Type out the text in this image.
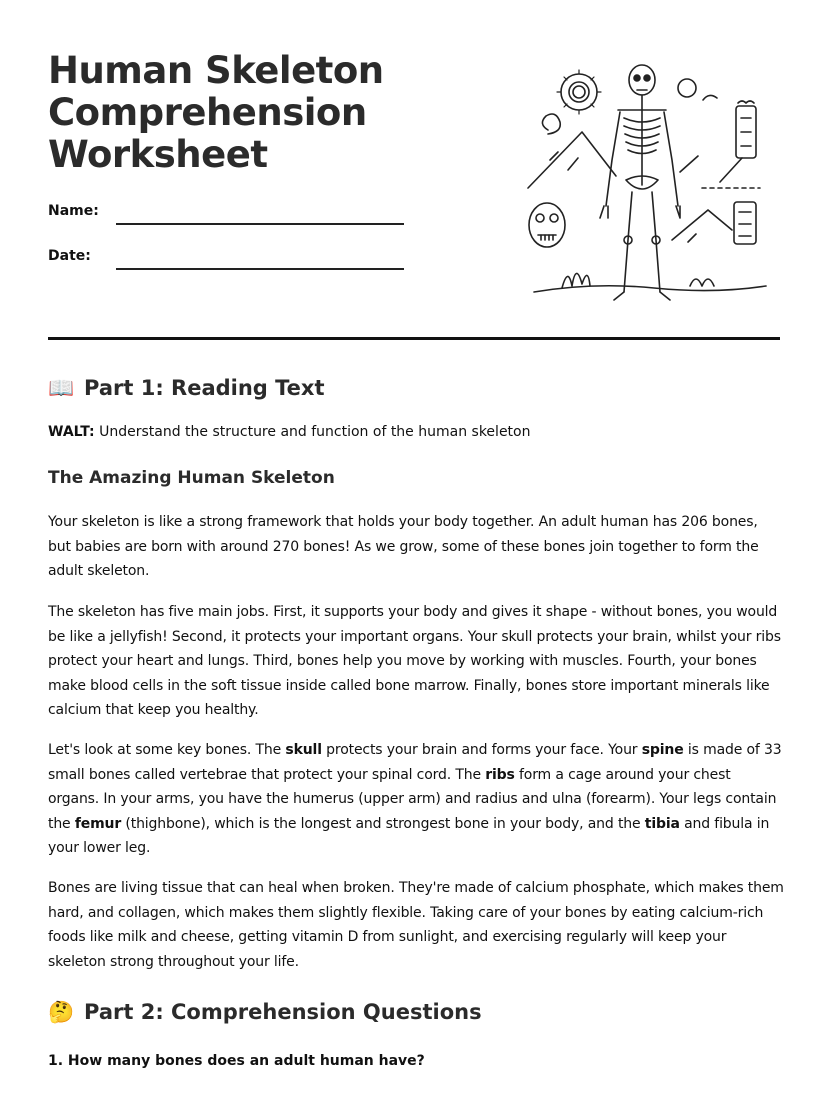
Human Skeleton Comprehension Worksheet
Name:
Date:
📖 Part 1: Reading Text
WALT: Understand the structure and function of the human skeleton
The Amazing Human Skeleton

Your skeleton is like a strong framework that holds your body together. An adult human has 206 bones, but babies are born with around 270 bones! As we grow, some of these bones join together to form the adult skeleton.

The skeleton has five main jobs. First, it supports your body and gives it shape - without bones, you would be like a jellyfish! Second, it protects your important organs. Your skull protects your brain, whilst your ribs protect your heart and lungs. Third, bones help you move by working with muscles. Fourth, your bones make blood cells in the soft tissue inside called bone marrow. Finally, bones store important minerals like calcium that keep you healthy.

Let's look at some key bones. The skull protects your brain and forms your face. Your spine is made of 33 small bones called vertebrae that protect your spinal cord. The ribs form a cage around your chest organs. In your arms, you have the humerus (upper arm) and radius and ulna (forearm). Your legs contain the femur (thighbone), which is the longest and strongest bone in your body, and the tibia and fibula in your lower leg.

Bones are living tissue that can heal when broken. They're made of calcium phosphate, which makes them hard, and collagen, which makes them slightly flexible. Taking care of your bones by eating calcium-rich foods like milk and cheese, getting vitamin D from sunlight, and exercising regularly will keep your skeleton strong throughout your life.

🤔 Part 2: Comprehension Questions
1. How many bones does an adult human have?
